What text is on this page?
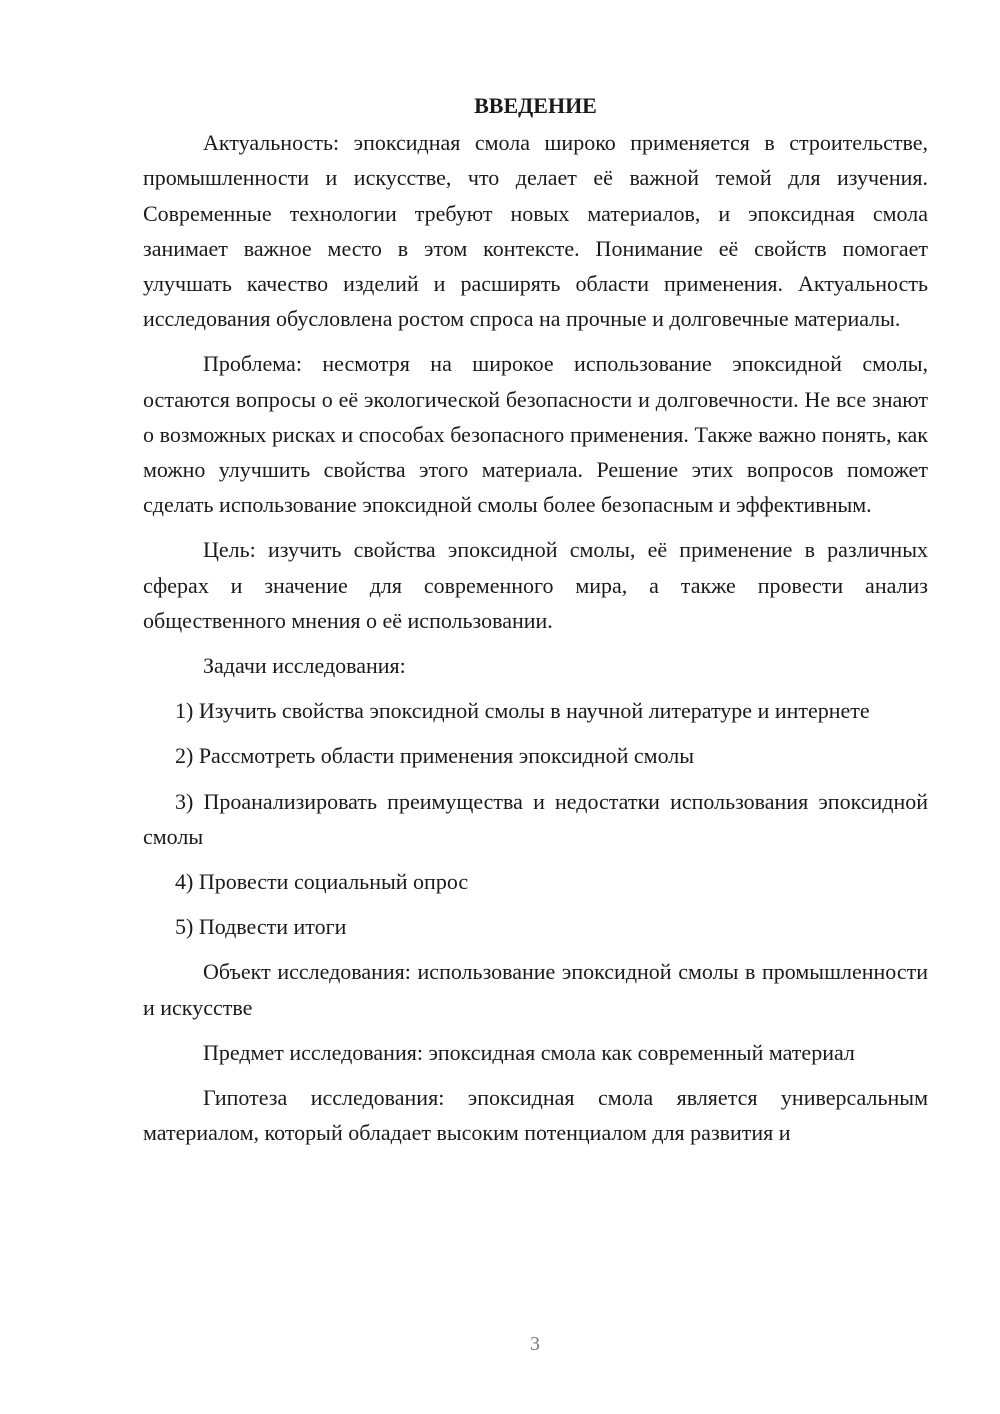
ВВЕДЕНИЕ

Актуальность: эпоксидная смола широко применяется в строительстве, промышленности и искусстве, что делает её важной темой для изучения. Современные технологии требуют новых материалов, и эпоксидная смола занимает важное место в этом контексте. Понимание её свойств помогает улучшать качество изделий и расширять области применения. Актуальность исследования обусловлена ростом спроса на прочные и долговечные материалы.

Проблема: несмотря на широкое использование эпоксидной смолы, остаются вопросы о её экологической безопасности и долговечности. Не все знают о возможных рисках и способах безопасного применения. Также важно понять, как можно улучшить свойства этого материала. Решение этих вопросов поможет сделать использование эпоксидной смолы более безопасным и эффективным.

Цель: изучить свойства эпоксидной смолы, её применение в различных сферах и значение для современного мира, а также провести анализ общественного мнения о её использовании.

Задачи исследования:

1) Изучить свойства эпоксидной смолы в научной литературе и интернете

2) Рассмотреть области применения эпоксидной смолы

3) Проанализировать преимущества и недостатки использования эпоксидной смолы

4) Провести социальный опрос

5) Подвести итоги

Объект исследования: использование эпоксидной смолы в промышленности и искусстве

Предмет исследования: эпоксидная смола как современный материал

Гипотеза исследования: эпоксидная смола является универсальным материалом, который обладает высоким потенциалом для развития и

3
